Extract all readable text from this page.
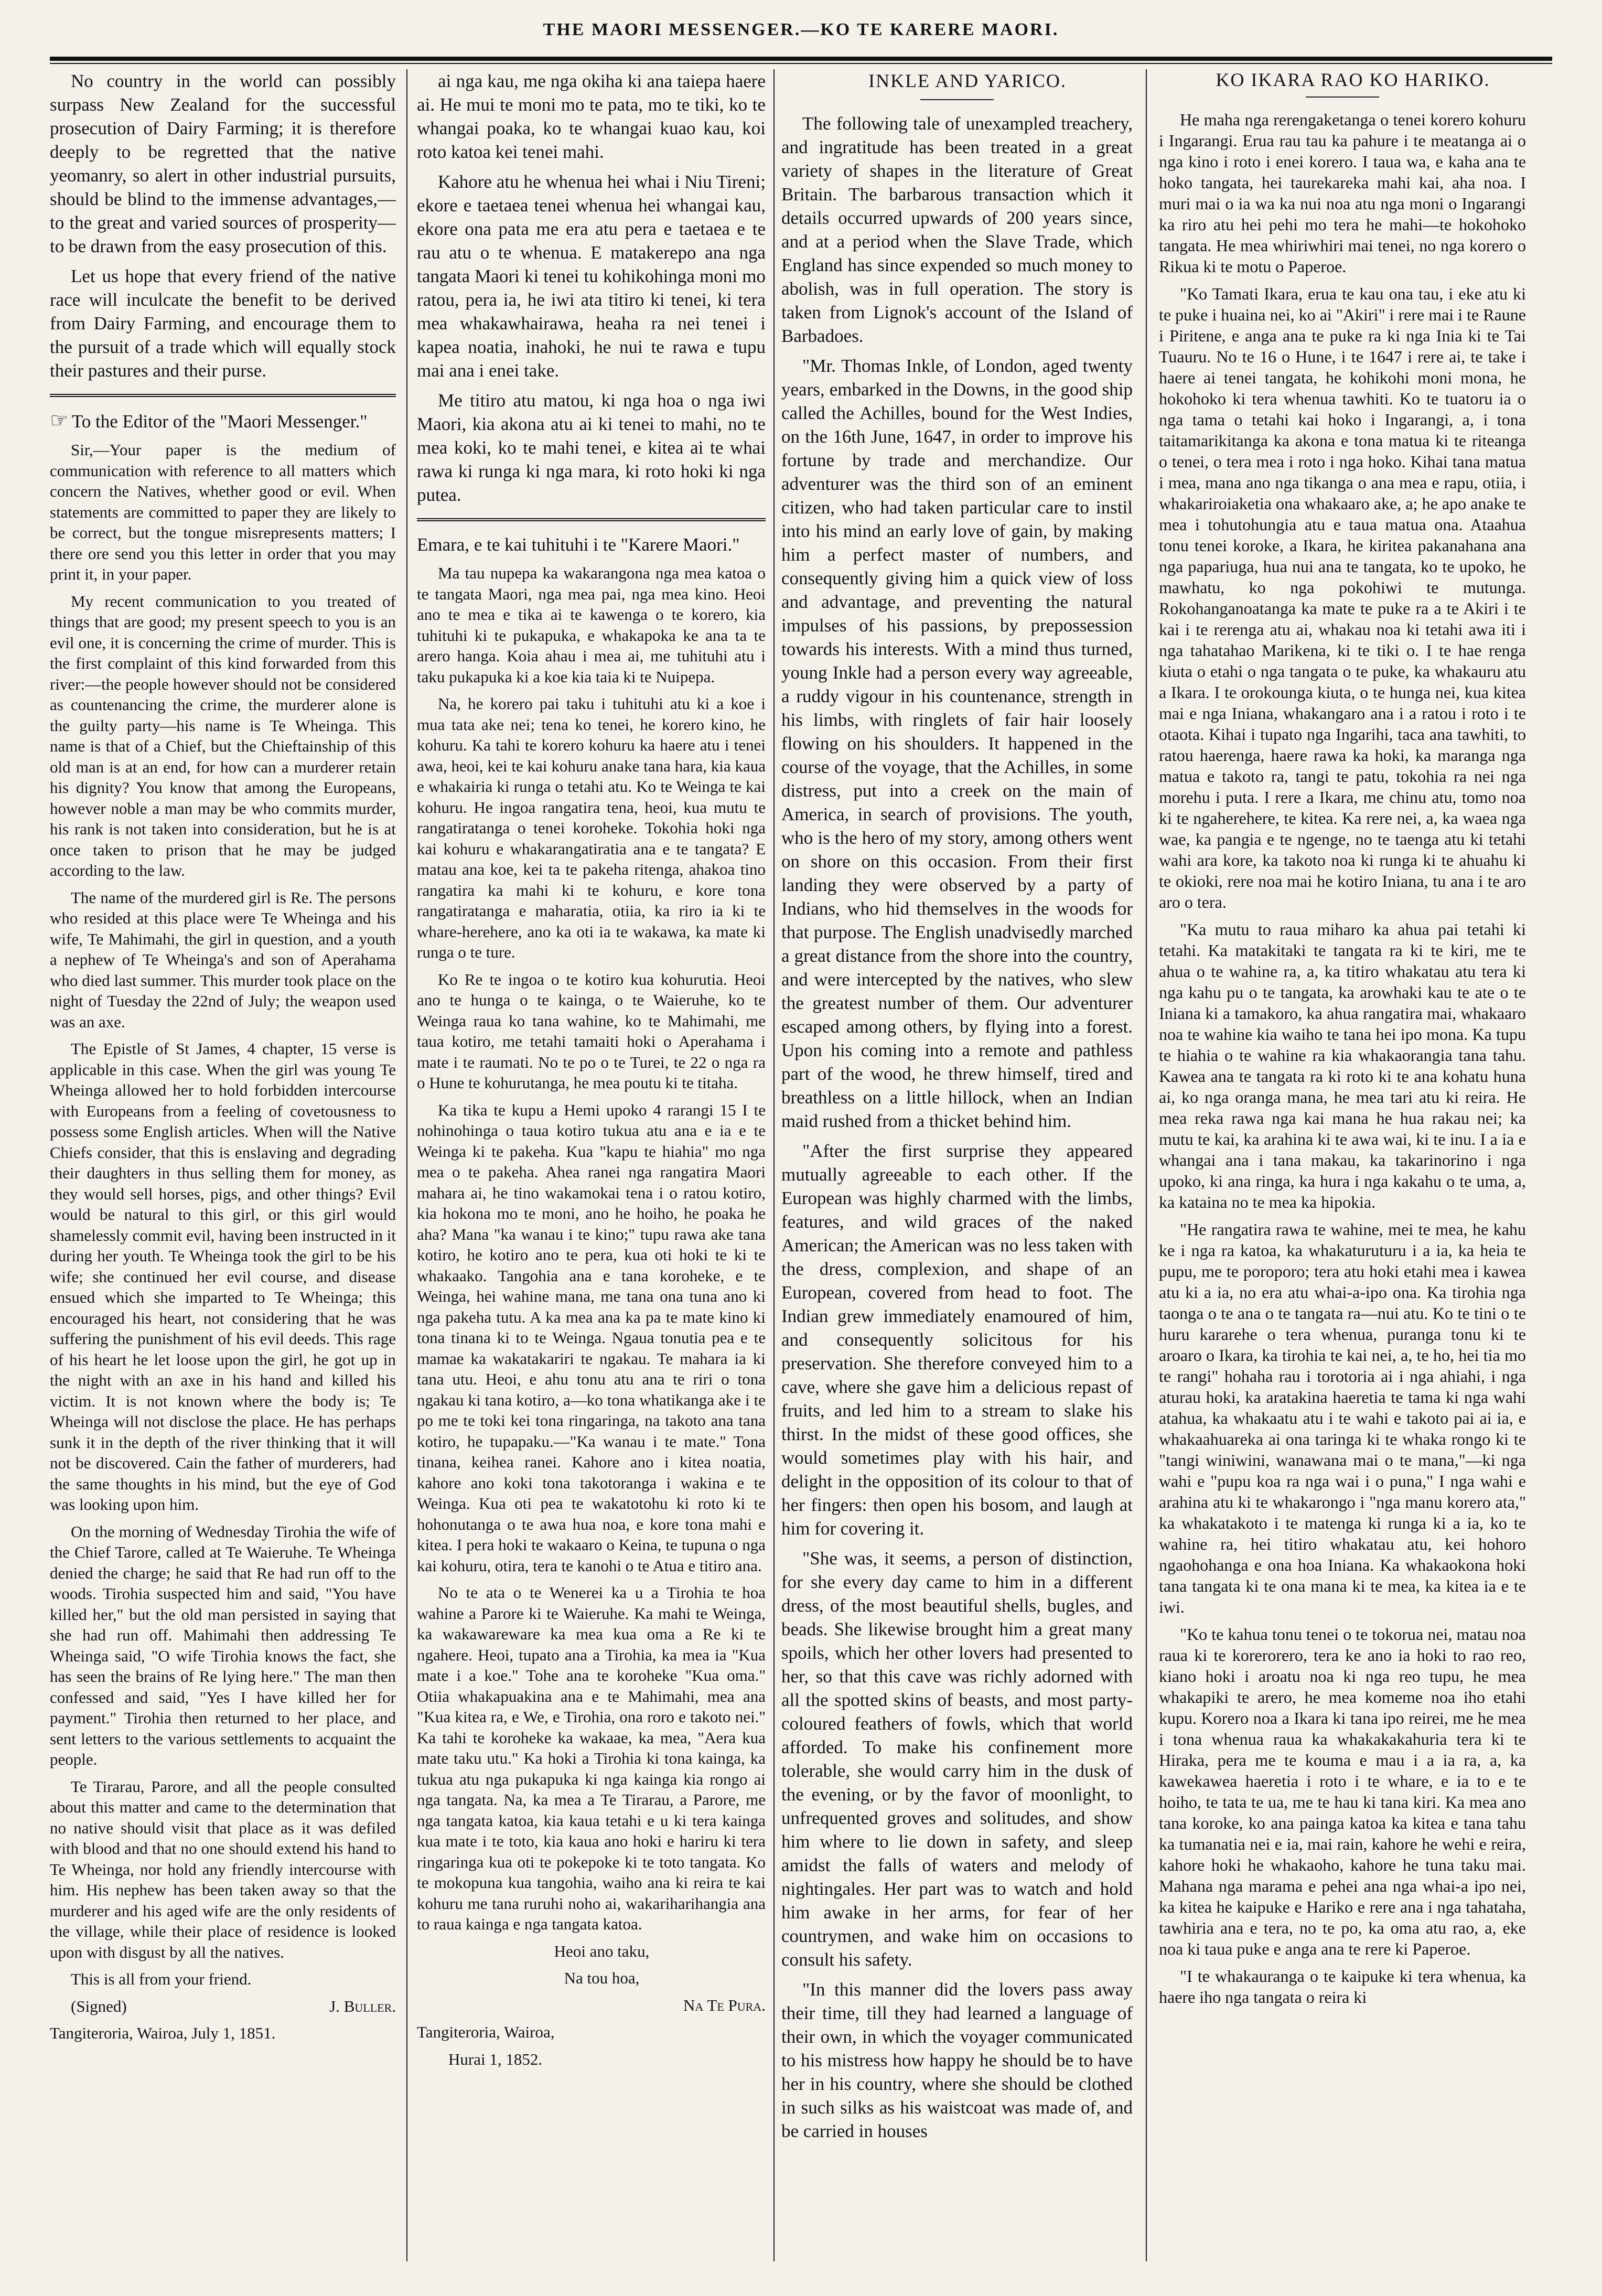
THE MAORI MESSENGER.—KO TE KARERE MAORI.

No country in the world can possibly surpass New Zealand for the successful prosecution of Dairy Farming; it is therefore deeply to be regretted that the native yeomanry, so alert in other industrial pursuits, should be blind to the immense advantages,—to the great and varied sources of prosperity—to be drawn from the easy prosecution of this.

Let us hope that every friend of the native race will inculcate the benefit to be derived from Dairy Farming, and encourage them to the pursuit of a trade which will equally stock their pastures and their purse.

☞ To the Editor of the "Maori Messenger."

Sir,—Your paper is the medium of communication with reference to all matters which concern the Natives, whether good or evil. When statements are committed to paper they are likely to be correct, but the tongue misrepresents matters; I there ore send you this letter in order that you may print it, in your paper.

My recent communication to you treated of things that are good; my present speech to you is an evil one, it is concerning the crime of murder. This is the first complaint of this kind forwarded from this river:—the people however should not be considered as countenancing the crime, the murderer alone is the guilty party—his name is Te Wheinga. This name is that of a Chief, but the Chieftainship of this old man is at an end, for how can a murderer retain his dignity? You know that among the Europeans, however noble a man may be who commits murder, his rank is not taken into consideration, but he is at once taken to prison that he may be judged according to the law.

The name of the murdered girl is Re. The persons who resided at this place were Te Wheinga and his wife, Te Mahimahi, the girl in question, and a youth a nephew of Te Wheinga's and son of Aperahama who died last summer. This murder took place on the night of Tuesday the 22nd of July; the weapon used was an axe.

The Epistle of St James, 4 chapter, 15 verse is applicable in this case. When the girl was young Te Wheinga allowed her to hold forbidden intercourse with Europeans from a feeling of covetousness to possess some English articles. When will the Native Chiefs consider, that this is enslaving and degrading their daughters in thus selling them for money, as they would sell horses, pigs, and other things? Evil would be natural to this girl, or this girl would shamelessly commit evil, having been instructed in it during her youth. Te Wheinga took the girl to be his wife; she continued her evil course, and disease ensued which she imparted to Te Wheinga; this encouraged his heart, not considering that he was suffering the punishment of his evil deeds. This rage of his heart he let loose upon the girl, he got up in the night with an axe in his hand and killed his victim. It is not known where the body is; Te Wheinga will not disclose the place. He has perhaps sunk it in the depth of the river thinking that it will not be discovered. Cain the father of murderers, had the same thoughts in his mind, but the eye of God was looking upon him.

On the morning of Wednesday Tirohia the wife of the Chief Tarore, called at Te Waieruhe. Te Wheinga denied the charge; he said that Re had run off to the woods. Tirohia suspected him and said, "You have killed her," but the old man persisted in saying that she had run off. Mahimahi then addressing Te Wheinga said, "O wife Tirohia knows the fact, she has seen the brains of Re lying here." The man then confessed and said, "Yes I have killed her for payment." Tirohia then returned to her place, and sent letters to the various settlements to acquaint the people.

Te Tirarau, Parore, and all the people consulted about this matter and came to the determination that no native should visit that place as it was defiled with blood and that no one should extend his hand to Te Wheinga, nor hold any friendly intercourse with him. His nephew has been taken away so that the murderer and his aged wife are the only residents of the village, while their place of residence is looked upon with disgust by all the natives.

This is all from your friend.

(Signed)	J. Buller.

Tangiteroria, Wairoa, July 1, 1851.

ai nga kau, me nga okiha ki ana taiepa haere ai. He mui te moni mo te pata, mo te tiki, ko te whangai poaka, ko te whangai kuao kau, koi roto katoa kei tenei mahi.

Kahore atu he whenua hei whai i Niu Tireni; ekore e taetaea tenei whenua hei whangai kau, ekore ona pata me era atu pera e taetaea e te rau atu o te whenua. E matakerepo ana nga tangata Maori ki tenei tu kohikohinga moni mo ratou, pera ia, he iwi ata titiro ki tenei, ki tera mea whakawhairawa, heaha ra nei tenei i kapea noatia, inahoki, he nui te rawa e tupu mai ana i enei take.

Me titiro atu matou, ki nga hoa o nga iwi Maori, kia akona atu ai ki tenei to mahi, no te mea koki, ko te mahi tenei, e kitea ai te whai rawa ki runga ki nga mara, ki roto hoki ki nga putea.

Emara, e te kai tuhituhi i te "Karere Maori."

Ma tau nupepa ka wakarangona nga mea katoa o te tangata Maori, nga mea pai, nga mea kino. Heoi ano te mea e tika ai te kawenga o te korero, kia tuhituhi ki te pukapuka, e whakapoka ke ana ta te arero hanga. Koia ahau i mea ai, me tuhituhi atu i taku pukapuka ki a koe kia taia ki te Nuipepa.

Na, he korero pai taku i tuhituhi atu ki a koe i mua tata ake nei; tena ko tenei, he korero kino, he kohuru. Ka tahi te korero kohuru ka haere atu i tenei awa, heoi, kei te kai kohuru anake tana hara, kia kaua e whakairia ki runga o tetahi atu. Ko te Weinga te kai kohuru. He ingoa rangatira tena, heoi, kua mutu te rangatiratanga o tenei koroheke. Tokohia hoki nga kai kohuru e whakarangatiratia ana e te tangata? E matau ana koe, kei ta te pakeha ritenga, ahakoa tino rangatira ka mahi ki te kohuru, e kore tona rangatiratanga e maharatia, otiia, ka riro ia ki te whare-herehere, ano ka oti ia te wakawa, ka mate ki runga o te ture.

Ko Re te ingoa o te kotiro kua kohurutia. Heoi ano te hunga o te kainga, o te Waieruhe, ko te Weinga raua ko tana wahine, ko te Mahimahi, me taua kotiro, me tetahi tamaiti hoki o Aperahama i mate i te raumati. No te po o te Turei, te 22 o nga ra o Hune te kohurutanga, he mea poutu ki te titaha.

Ka tika te kupu a Hemi upoko 4 rarangi 15 I te nohinohinga o taua kotiro tukua atu ana e ia e te Weinga ki te pakeha. Kua "kapu te hiahia" mo nga mea o te pakeha. Ahea ranei nga rangatira Maori mahara ai, he tino wakamokai tena i o ratou kotiro, kia hokona mo te moni, ano he hoiho, he poaka he aha? Mana "ka wanau i te kino;" tupu rawa ake tana kotiro, he kotiro ano te pera, kua oti hoki te ki te whakaako. Tangohia ana e tana koroheke, e te Weinga, hei wahine mana, me tana ona tuna ano ki nga pakeha tutu. A ka mea ana ka pa te mate kino ki tona tinana ki to te Weinga. Ngaua tonutia pea e te mamae ka wakatakariri te ngakau. Te mahara ia ki tana utu. Heoi, e ahu tonu atu ana te riri o tona ngakau ki tana kotiro, a—ko tona whatikanga ake i te po me te toki kei tona ringaringa, na takoto ana tana kotiro, he tupapaku.—"Ka wanau i te mate." Tona tinana, keihea ranei. Kahore ano i kitea noatia, kahore ano koki tona takotoranga i wakina e te Weinga. Kua oti pea te wakatotohu ki roto ki te hohonutanga o te awa hua noa, e kore tona mahi e kitea. I pera hoki te wakaaro o Keina, te tupuna o nga kai kohuru, otira, tera te kanohi o te Atua e titiro ana.

No te ata o te Wenerei ka u a Tirohia te hoa wahine a Parore ki te Waieruhe. Ka mahi te Weinga, ka wakawareware ka mea kua oma a Re ki te ngahere. Heoi, tupato ana a Tirohia, ka mea ia "Kua mate i a koe." Tohe ana te koroheke "Kua oma." Otiia whakapuakina ana e te Mahimahi, mea ana "Kua kitea ra, e We, e Tirohia, ona roro e takoto nei." Ka tahi te koroheke ka wakaae, ka mea, "Aera kua mate taku utu." Ka hoki a Tirohia ki tona kainga, ka tukua atu nga pukapuka ki nga kainga kia rongo ai nga tangata. Na, ka mea a Te Tirarau, a Parore, me nga tangata katoa, kia kaua tetahi e u ki tera kainga kua mate i te toto, kia kaua ano hoki e hariru ki tera ringaringa kua oti te pokepoke ki te toto tangata. Ko te mokopuna kua tangohia, waiho ana ki reira te kai kohuru me tana ruruhi noho ai, wakariharihangia ana to raua kainga e nga tangata katoa.

Heoi ano taku,

Na tou hoa,

Na Te Pura.

Tangiteroria, Wairoa,

Hurai 1, 1852.

INKLE AND YARICO.

The following tale of unexampled treachery, and ingratitude has been treated in a great variety of shapes in the literature of Great Britain. The barbarous transaction which it details occurred upwards of 200 years since, and at a period when the Slave Trade, which England has since expended so much money to abolish, was in full operation. The story is taken from Lignok's account of the Island of Barbadoes.

"Mr. Thomas Inkle, of London, aged twenty years, embarked in the Downs, in the good ship called the Achilles, bound for the West Indies, on the 16th June, 1647, in order to improve his fortune by trade and merchandize. Our adventurer was the third son of an eminent citizen, who had taken particular care to instil into his mind an early love of gain, by making him a perfect master of numbers, and consequently giving him a quick view of loss and advantage, and preventing the natural impulses of his passions, by prepossession towards his interests. With a mind thus turned, young Inkle had a person every way agreeable, a ruddy vigour in his countenance, strength in his limbs, with ringlets of fair hair loosely flowing on his shoulders. It happened in the course of the voyage, that the Achilles, in some distress, put into a creek on the main of America, in search of provisions. The youth, who is the hero of my story, among others went on shore on this occasion. From their first landing they were observed by a party of Indians, who hid themselves in the woods for that purpose. The English unadvisedly marched a great distance from the shore into the country, and were intercepted by the natives, who slew the greatest number of them. Our adventurer escaped among others, by flying into a forest. Upon his coming into a remote and pathless part of the wood, he threw himself, tired and breathless on a little hillock, when an Indian maid rushed from a thicket behind him.

"After the first surprise they appeared mutually agreeable to each other. If the European was highly charmed with the limbs, features, and wild graces of the naked American; the American was no less taken with the dress, complexion, and shape of an European, covered from head to foot. The Indian grew immediately enamoured of him, and consequently solicitous for his preservation. She therefore conveyed him to a cave, where she gave him a delicious repast of fruits, and led him to a stream to slake his thirst. In the midst of these good offices, she would sometimes play with his hair, and delight in the opposition of its colour to that of her fingers: then open his bosom, and laugh at him for covering it.

"She was, it seems, a person of distinction, for she every day came to him in a different dress, of the most beautiful shells, bugles, and beads. She likewise brought him a great many spoils, which her other lovers had presented to her, so that this cave was richly adorned with all the spotted skins of beasts, and most party-coloured feathers of fowls, which that world afforded. To make his confinement more tolerable, she would carry him in the dusk of the evening, or by the favor of moonlight, to unfrequented groves and solitudes, and show him where to lie down in safety, and sleep amidst the falls of waters and melody of nightingales. Her part was to watch and hold him awake in her arms, for fear of her countrymen, and wake him on occasions to consult his safety.

"In this manner did the lovers pass away their time, till they had learned a language of their own, in which the voyager communicated to his mistress how happy he should be to have her in his country, where she should be clothed in such silks as his waistcoat was made of, and be carried in houses

KO IKARA RAO KO HARIKO.

He maha nga rerengaketanga o tenei korero kohuru i Ingarangi. Erua rau tau ka pahure i te meatanga ai o nga kino i roto i enei korero. I taua wa, e kaha ana te hoko tangata, hei taurekareka mahi kai, aha noa. I muri mai o ia wa ka nui noa atu nga moni o Ingarangi ka riro atu hei pehi mo tera he mahi—te hokohoko tangata. He mea whiriwhiri mai tenei, no nga korero o Rikua ki te motu o Paperoe.

"Ko Tamati Ikara, erua te kau ona tau, i eke atu ki te puke i huaina nei, ko ai "Akiri" i rere mai i te Raune i Piritene, e anga ana te puke ra ki nga Inia ki te Tai Tuauru. No te 16 o Hune, i te 1647 i rere ai, te take i haere ai tenei tangata, he kohikohi moni mona, he hokohoko ki tera whenua tawhiti. Ko te tuatoru ia o nga tama o tetahi kai hoko i Ingarangi, a, i tona taitamarikitanga ka akona e tona matua ki te riteanga o tenei, o tera mea i roto i nga hoko. Kihai tana matua i mea, mana ano nga tikanga o ana mea e rapu, otiia, i whakariroiaketia ona whakaaro ake, a; he apo anake te mea i tohutohungia atu e taua matua ona. Ataahua tonu tenei koroke, a Ikara, he kiritea pakanahana ana nga papariuga, hua nui ana te tangata, ko te upoko, he mawhatu, ko nga pokohiwi te mutunga. Rokohanganoatanga ka mate te puke ra a te Akiri i te kai i te rerenga atu ai, whakau noa ki tetahi awa iti i nga tahatahao Marikena, ki te tiki o. I te hae renga kiuta o etahi o nga tangata o te puke, ka whakauru atu a Ikara. I te orokounga kiuta, o te hunga nei, kua kitea mai e nga Iniana, whakangaro ana i a ratou i roto i te otaota. Kihai i tupato nga Ingarihi, taca ana tawhiti, to ratou haerenga, haere rawa ka hoki, ka maranga nga matua e takoto ra, tangi te patu, tokohia ra nei nga morehu i puta. I rere a Ikara, me chinu atu, tomo noa ki te ngaherehere, te kitea. Ka rere nei, a, ka waea nga wae, ka pangia e te ngenge, no te taenga atu ki tetahi wahi ara kore, ka takoto noa ki runga ki te ahuahu ki te okioki, rere noa mai he kotiro Iniana, tu ana i te aro aro o tera.

"Ka mutu to raua miharo ka ahua pai tetahi ki tetahi. Ka matakitaki te tangata ra ki te kiri, me te ahua o te wahine ra, a, ka titiro whakatau atu tera ki nga kahu pu o te tangata, ka arowhaki kau te ate o te Iniana ki a tamakoro, ka ahua rangatira mai, whakaaro noa te wahine kia waiho te tana hei ipo mona. Ka tupu te hiahia o te wahine ra kia whakaorangia tana tahu. Kawea ana te tangata ra ki roto ki te ana kohatu huna ai, ko nga oranga mana, he mea tari atu ki reira. He mea reka rawa nga kai mana he hua rakau nei; ka mutu te kai, ka arahina ki te awa wai, ki te inu. I a ia e whangai ana i tana makau, ka takarinorino i nga upoko, ki ana ringa, ka hura i nga kakahu o te uma, a, ka kataina no te mea ka hipokia.

"He rangatira rawa te wahine, mei te mea, he kahu ke i nga ra katoa, ka whakaturuturu i a ia, ka heia te pupu, me te poroporo; tera atu hoki etahi mea i kawea atu ki a ia, no era atu whai-a-ipo ona. Ka tirohia nga taonga o te ana o te tangata ra—nui atu. Ko te tini o te huru kararehe o tera whenua, puranga tonu ki te aroaro o Ikara, ka tirohia te kai nei, a, te ho, hei tia mo te rangi" hohaha rau i torotoria ai i nga ahiahi, i nga aturau hoki, ka aratakina haeretia te tama ki nga wahi atahua, ka whakaatu atu i te wahi e takoto pai ai ia, e whakaahuareka ai ona taringa ki te whaka rongo ki te "tangi winiwini, wanawana mai o te mana,"—ki nga wahi e "pupu koa ra nga wai i o puna," I nga wahi e arahina atu ki te whakarongo i "nga manu korero ata," ka whakatakoto i te matenga ki runga ki a ia, ko te wahine ra, hei titiro whakatau atu, kei hohoro ngaohohanga e ona hoa Iniana. Ka whakaokona hoki tana tangata ki te ona mana ki te mea, ka kitea ia e te iwi.

"Ko te kahua tonu tenei o te tokorua nei, matau noa raua ki te korerorero, tera ke ano ia hoki to rao reo, kiano hoki i aroatu noa ki nga reo tupu, he mea whakapiki te arero, he mea komeme noa iho etahi kupu. Korero noa a Ikara ki tana ipo reirei, me he mea i tona whenua raua ka whakakakahuria tera ki te Hiraka, pera me te kouma e mau i a ia ra, a, ka kawekawea haeretia i roto i te whare, e ia to e te hoiho, te tata te ua, me te hau ki tana kiri. Ka mea ano tana koroke, ko ana painga katoa ka kitea e tana tahu ka tumanatia nei e ia, mai rain, kahore he wehi e reira, kahore hoki he whakaoho, kahore he tuna taku mai. Mahana nga marama e pehei ana nga whai-a ipo nei, ka kitea he kaipuke e Hariko e rere ana i nga tahataha, tawhiria ana e tera, no te po, ka oma atu rao, a, eke noa ki taua puke e anga ana te rere ki Paperoe.

"I te whakauranga o te kaipuke ki tera whenua, ka haere iho nga tangata o reira ki
